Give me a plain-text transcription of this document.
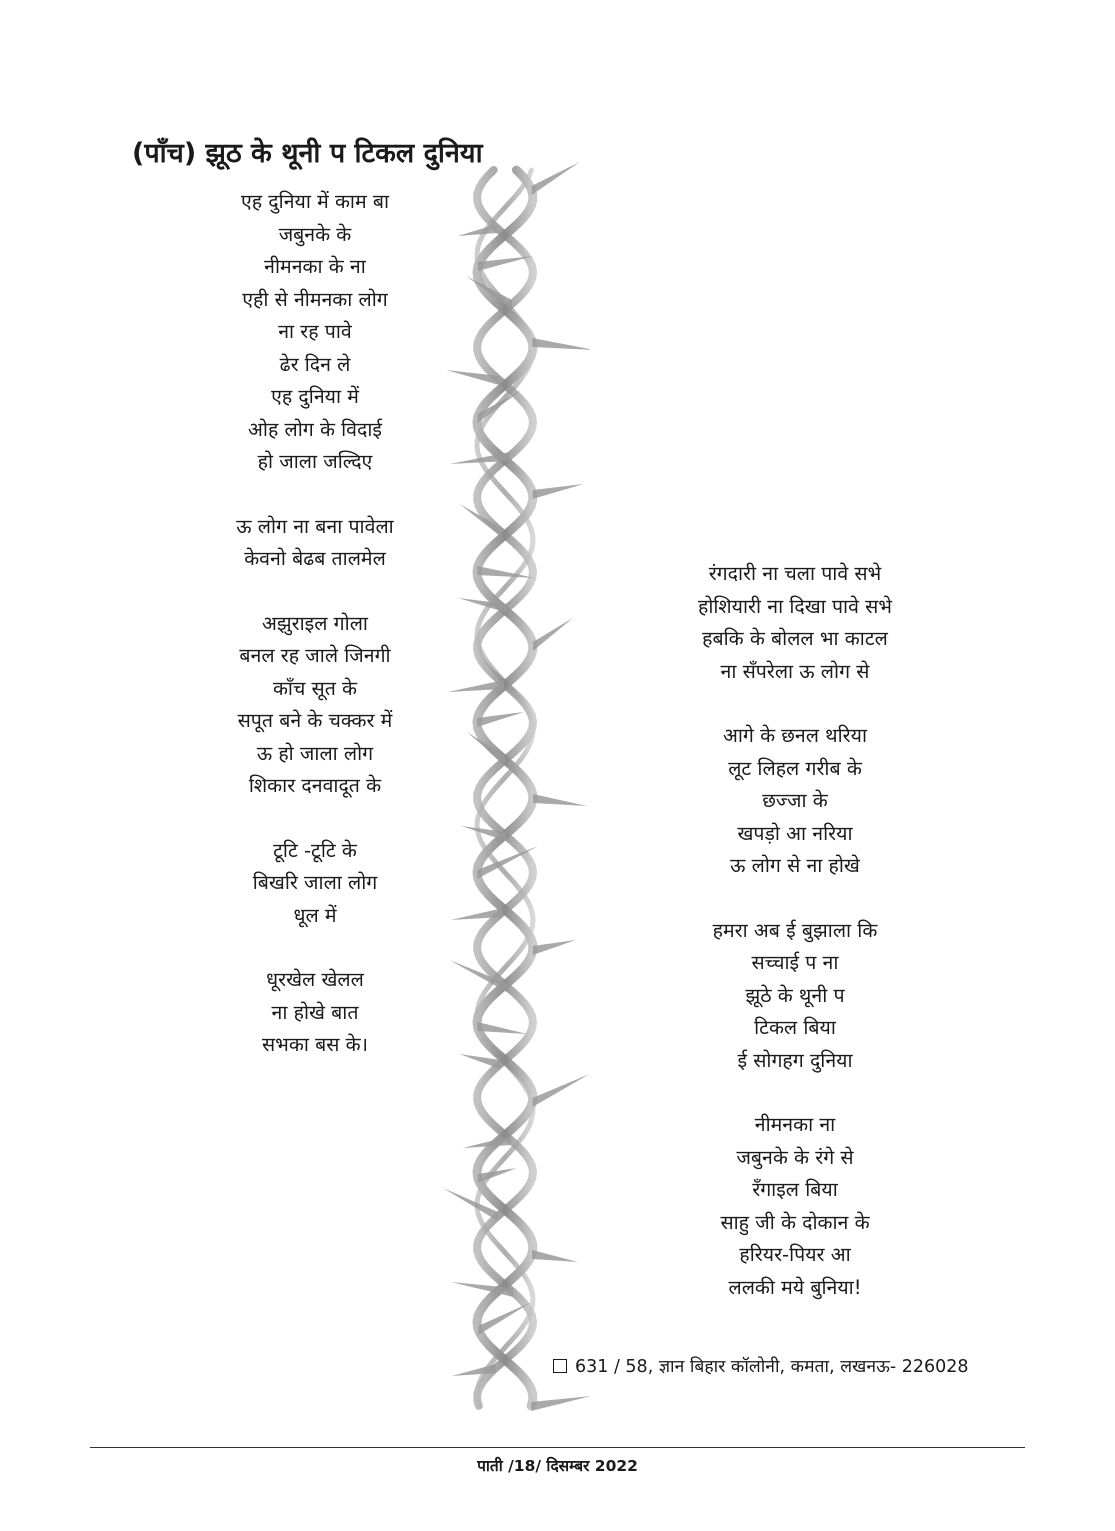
(पाँच) झूठ के थूनी प टिकल दुनिया
एह दुनिया में काम बा
जबुनके के
नीमनका के ना
एही से नीमनका लोग
ना रह पावे
ढेर दिन ले
एह दुनिया में
ओह लोग के विदाई
हो जाला जल्दिए
ऊ लोग ना बना पावेला
केवनो बेढब तालमेल
अझुराइल गोला
बनल रह जाले जिनगी
काँच सूत के
सपूत बने के चक्कर में
ऊ हो जाला लोग
शिकार दनवादूत के
टूटि -टूटि के
बिखरि जाला लोग
धूल में
धूरखेल खेलल
ना होखे बात
सभका बस के।
रंगदारी ना चला पावे सभे
होशियारी ना दिखा पावे सभे
हबकि के बोलल भा काटल
ना सँपरेला ऊ लोग से
आगे के छनल थरिया
लूट लिहल गरीब के
छज्जा के
खपड़ो आ नरिया
ऊ लोग से ना होखे
हमरा अब ई बुझाला कि
सच्चाई प ना
झूठे के थूनी प
टिकल बिया
ई सोगहग दुनिया
नीमनका ना
जबुनके के रंगे से
रँगाइल बिया
साहु जी के दोकान के
हरियर-पियर आ
ललकी मये बुनिया!
631 / 58, ज्ञान बिहार कॉलोनी, कमता, लखनऊ- 226028
पाती /18/ दिसम्बर 2022
